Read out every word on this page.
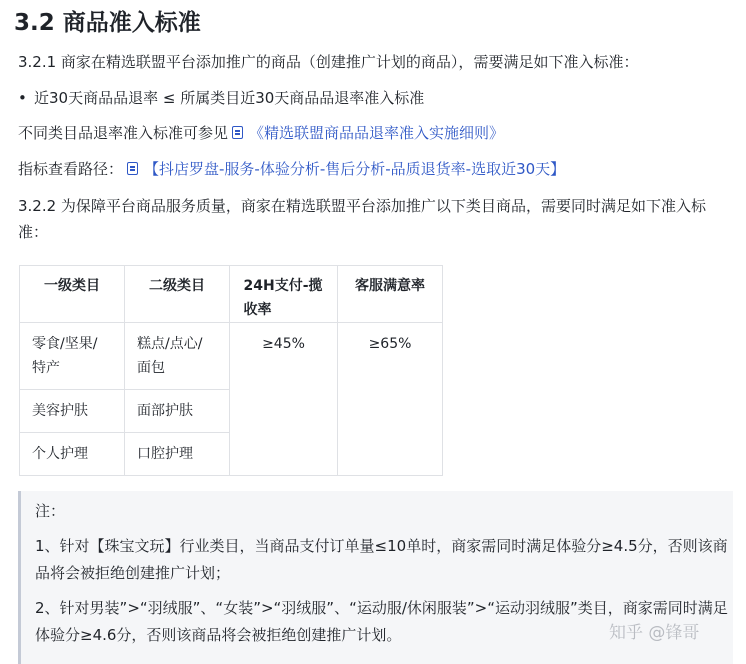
3.2 商品准入标准
3.2.1 商家在精选联盟平台添加推广的商品（创建推广计划的商品），需要满足如下准入标准：
• 近30天商品品退率 ≤ 所属类目近30天商品品退率准入标准
不同类目品退率准入标准可参见 《精选联盟商品品退率准入实施细则》
指标查看路径： 【抖店罗盘-服务-体验分析-售后分析-品质退货率-选取近30天】
3.2.2 为保障平台商品服务质量，商家在精选联盟平台添加推广以下类目商品，需要同时满足如下准入标准：
一级类目	二级类目	24H支付-揽收率	客服满意率

零食/坚果/特产	糕点/点心/面包	≥45%	≥65%
美容护肤	面部护肤		
个人护理	口腔护理		
注：
1、针对【珠宝文玩】行业类目，当商品支付订单量≤10单时，商家需同时满足体验分≥4.5分，否则该商品将会被拒绝创建推广计划；
2、针对男装”>“羽绒服”、“女装”>“羽绒服”、“运动服/休闲服装”>“运动羽绒服”类目，商家需同时满足体验分≥4.6分，否则该商品将会被拒绝创建推广计划。	知乎 @锋哥
